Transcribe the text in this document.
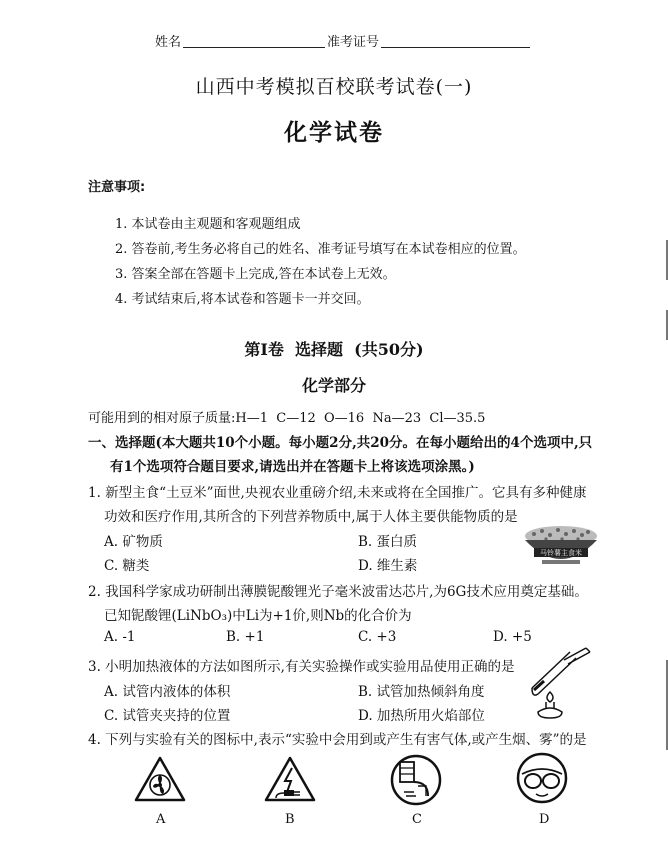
姓名	准考证号
山西中考模拟百校联考试卷(一)
化学试卷
注意事项:
1. 本试卷由主观题和客观题组成
2. 答卷前,考生务必将自己的姓名、准考证号填写在本试卷相应的位置。
3. 答案全部在答题卡上完成,答在本试卷上无效。
4. 考试结束后,将本试卷和答题卡一并交回。
第Ⅰ卷  选择题  (共50分)
化学部分
可能用到的相对原子质量:H—1  C—12  O—16  Na—23  Cl—35.5
一、选择题(本大题共10个小题。每小题2分,共20分。在每小题给出的4个选项中,只
有1个选项符合题目要求,请选出并在答题卡上将该选项涂黑。)
1. 新型主食“土豆米”面世,央视农业重磅介绍,未来或将在全国推广。它具有多种健康
功效和医疗作用,其所含的下列营养物质中,属于人体主要供能物质的是
A. 矿物质	B. 蛋白质
C. 糖类	D. 维生素
马铃薯主食米
2. 我国科学家成功研制出薄膜铌酸锂光子毫米波雷达芯片,为6G技术应用奠定基础。
已知铌酸锂(LiNbO₃)中Li为+1价,则Nb的化合价为
A. -1	B. +1	C. +3	D. +5
3. 小明加热液体的方法如图所示,有关实验操作或实验用品使用正确的是
A. 试管内液体的体积	B. 试管加热倾斜角度
C. 试管夹夹持的位置	D. 加热所用火焰部位
4. 下列与实验有关的图标中,表示“实验中会用到或产生有害气体,或产生烟、雾”的是
A	B	C	D
